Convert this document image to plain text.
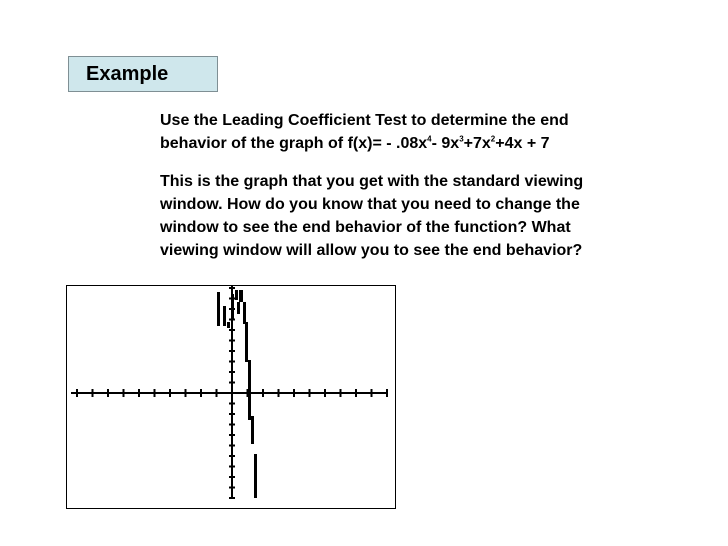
Example
Use the Leading Coefficient Test to determine the end
behavior of the graph of $f(x)= - .08x^4-$ $9x^3+7x^2+4x + 7$
This is the graph that you get with the standard viewing
window. How do you know that you need to change the
window to see the end behavior of the function? What
viewing window will allow you to see the end behavior?
